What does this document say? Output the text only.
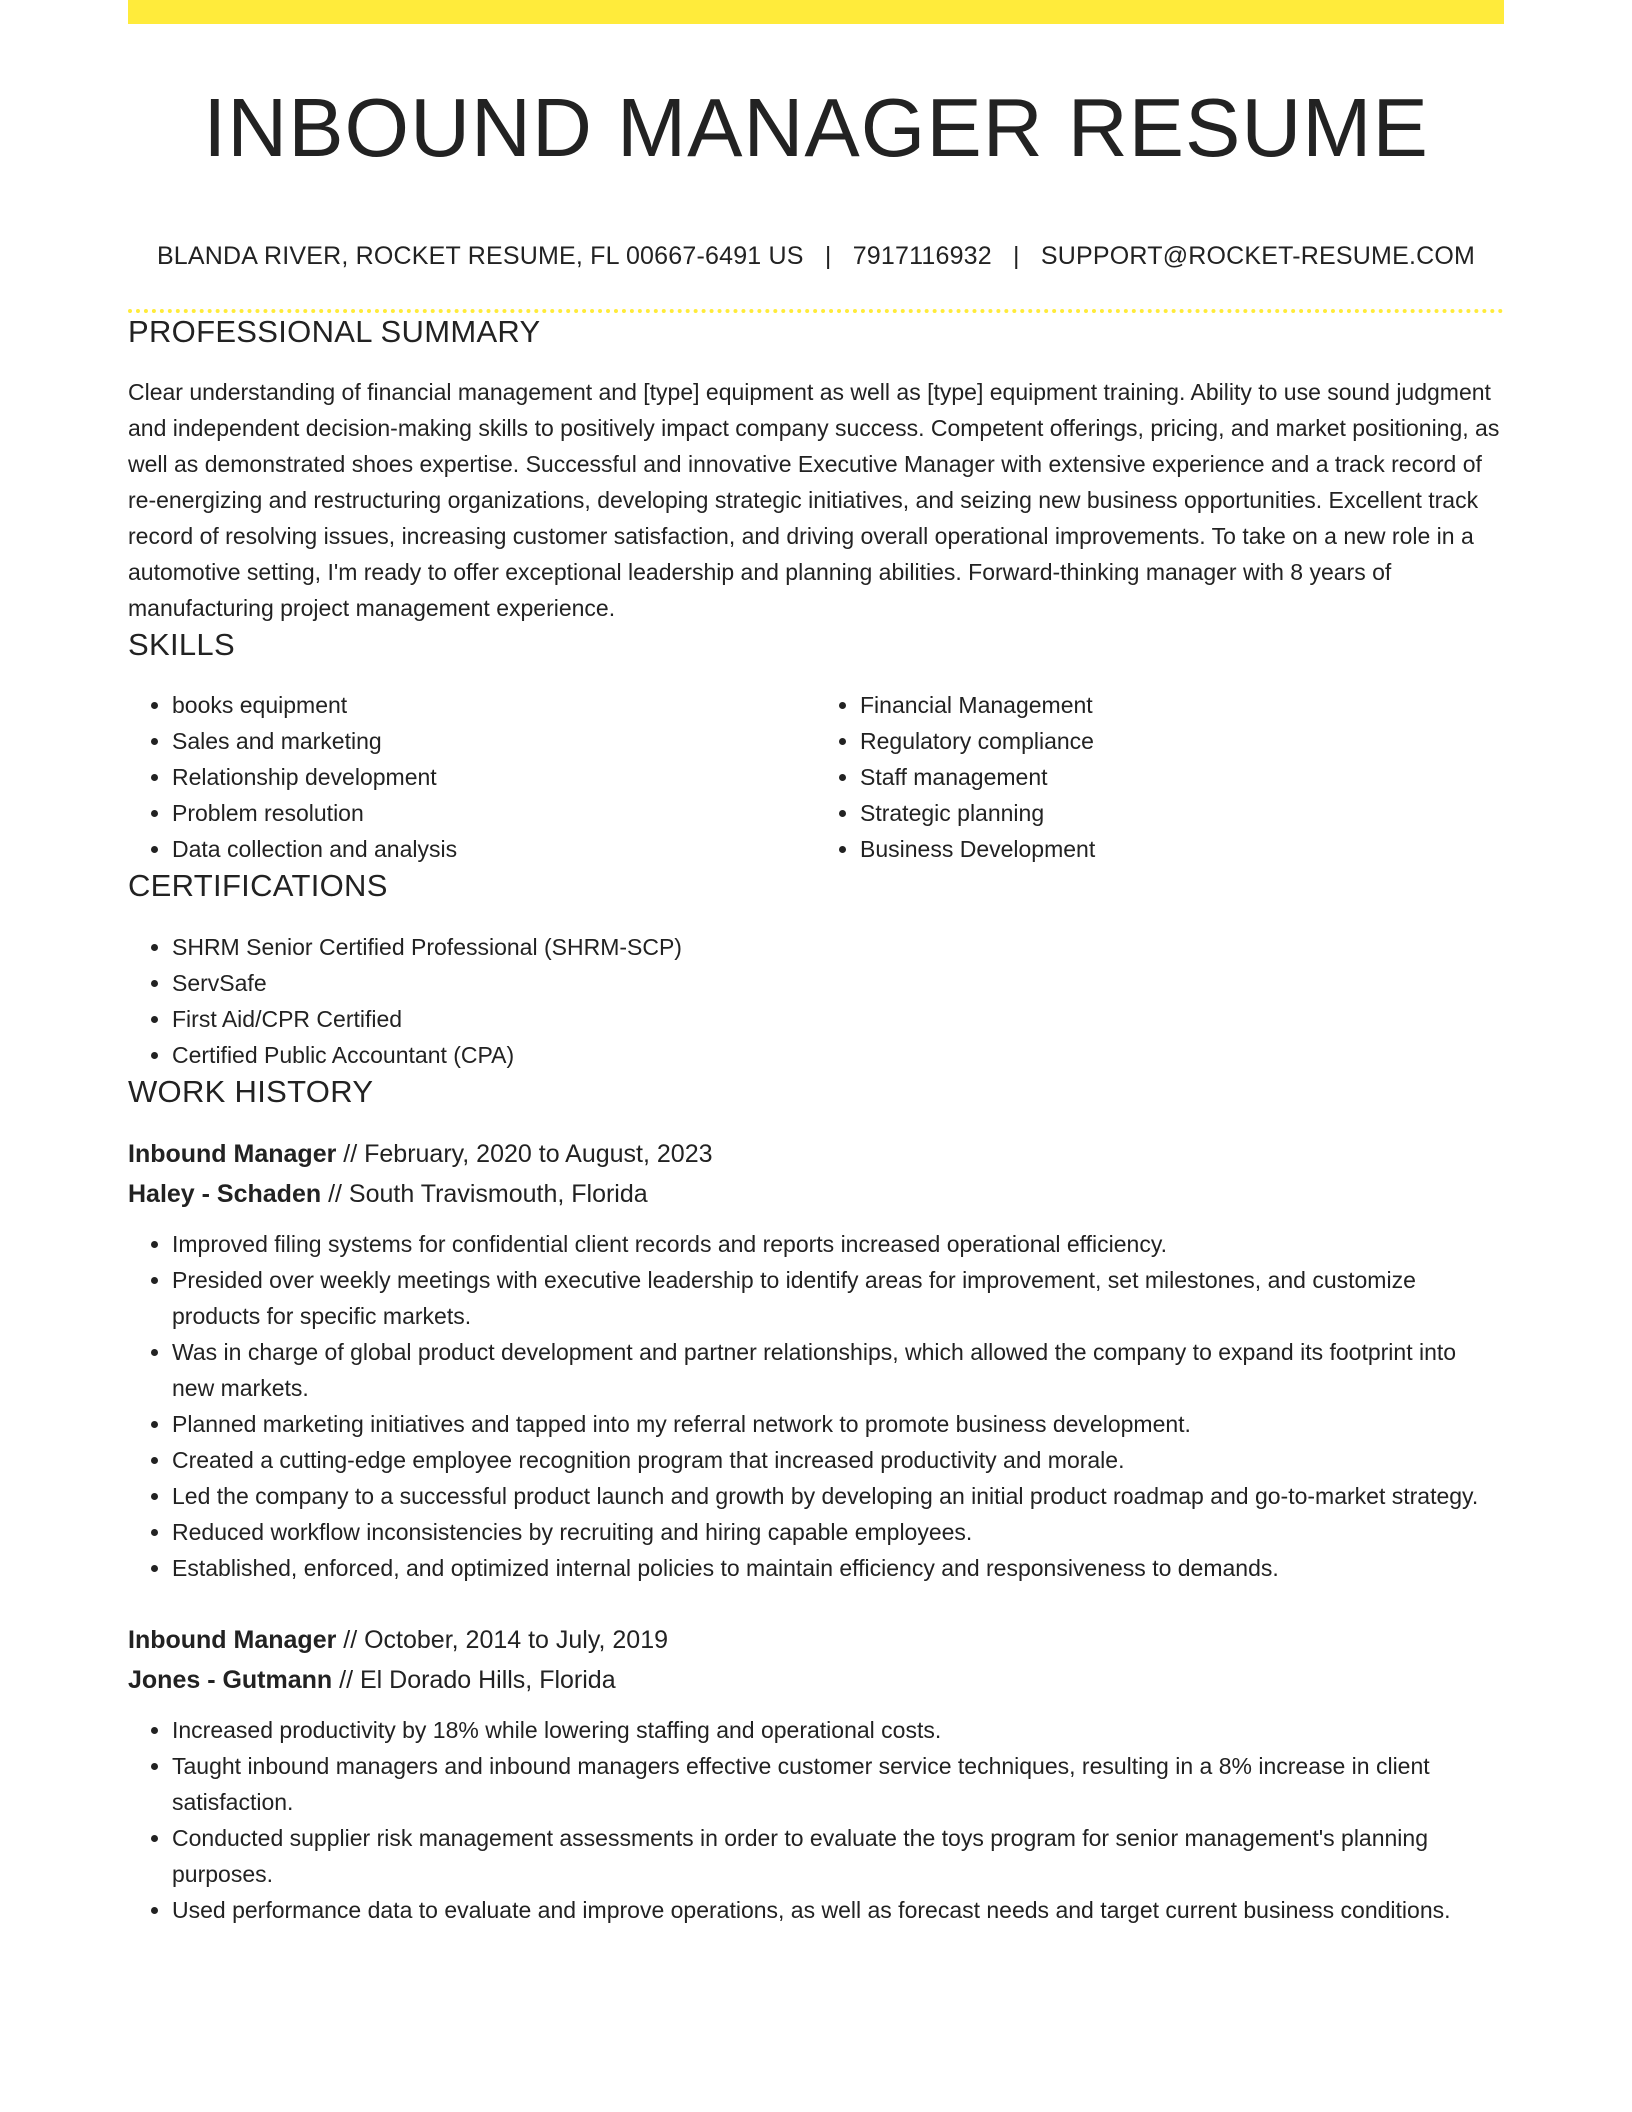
INBOUND MANAGER RESUME
BLANDA RIVER, ROCKET RESUME, FL 00667-6491 US | 7917116932 | SUPPORT@ROCKET-RESUME.COM
PROFESSIONAL SUMMARY

Clear understanding of financial management and [type] equipment as well as [type] equipment training. Ability to use sound judgment and independent decision-making skills to positively impact company success. Competent offerings, pricing, and market positioning, as well as demonstrated shoes expertise. Successful and innovative Executive Manager with extensive experience and a track record of re-energizing and restructuring organizations, developing strategic initiatives, and seizing new business opportunities. Excellent track record of resolving issues, increasing customer satisfaction, and driving overall operational improvements. To take on a new role in a automotive setting, I'm ready to offer exceptional leadership and planning abilities. Forward-thinking manager with 8 years of manufacturing project management experience.

SKILLS
• books equipment
• Sales and marketing
• Relationship development
• Problem resolution
• Data collection and analysis
• Financial Management
• Regulatory compliance
• Staff management
• Strategic planning
• Business Development
CERTIFICATIONS
• SHRM Senior Certified Professional (SHRM-SCP)
• ServSafe
• First Aid/CPR Certified
• Certified Public Accountant (CPA)
WORK HISTORY
Inbound Manager // February, 2020 to August, 2023
Haley - Schaden // South Travismouth, Florida
• Improved filing systems for confidential client records and reports increased operational efficiency.
• Presided over weekly meetings with executive leadership to identify areas for improvement, set milestones, and customize products for specific markets.
• Was in charge of global product development and partner relationships, which allowed the company to expand its footprint into new markets.
• Planned marketing initiatives and tapped into my referral network to promote business development.
• Created a cutting-edge employee recognition program that increased productivity and morale.
• Led the company to a successful product launch and growth by developing an initial product roadmap and go-to-market strategy.
• Reduced workflow inconsistencies by recruiting and hiring capable employees.
• Established, enforced, and optimized internal policies to maintain efficiency and responsiveness to demands.
Inbound Manager // October, 2014 to July, 2019
Jones - Gutmann // El Dorado Hills, Florida
• Increased productivity by 18% while lowering staffing and operational costs.
• Taught inbound managers and inbound managers effective customer service techniques, resulting in a 8% increase in client satisfaction.
• Conducted supplier risk management assessments in order to evaluate the toys program for senior management's planning purposes.
• Used performance data to evaluate and improve operations, as well as forecast needs and target current business conditions.
